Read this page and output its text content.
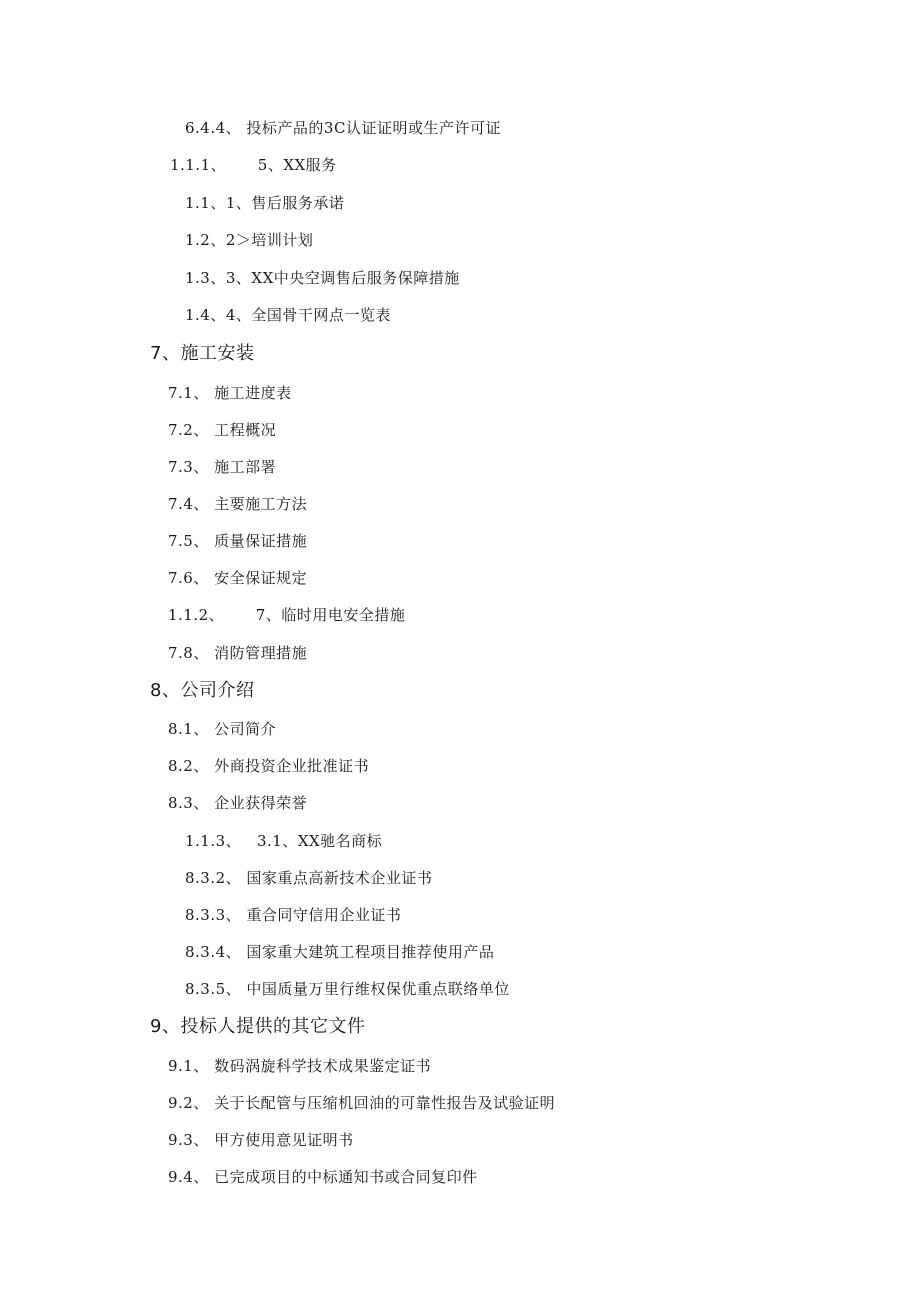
6.4.4、 投标产品的3C认证证明或生产许可证
1.1.1、      5、XX服务
1.1、1、售后服务承诺
1.2、2＞培训计划
1.3、3、XX中央空调售后服务保障措施
1.4、4、全国骨干网点一览表
7、施工安装
7.1、 施工进度表
7.2、 工程概况
7.3、 施工部署
7.4、 主要施工方法
7.5、 质量保证措施
7.6、 安全保证规定
1.1.2、      7、临时用电安全措施
7.8、 消防管理措施
8、公司介绍
8.1、 公司简介
8.2、 外商投资企业批准证书
8.3、 企业获得荣誉
1.1.3、   3.1、XX驰名商标
8.3.2、 国家重点高新技术企业证书
8.3.3、 重合同守信用企业证书
8.3.4、 国家重大建筑工程项目推荐使用产品
8.3.5、 中国质量万里行维权保优重点联络单位
9、投标人提供的其它文件
9.1、 数码涡旋科学技术成果鉴定证书
9.2、 关于长配管与压缩机回油的可靠性报告及试验证明
9.3、 甲方使用意见证明书
9.4、 已完成项目的中标通知书或合同复印件
